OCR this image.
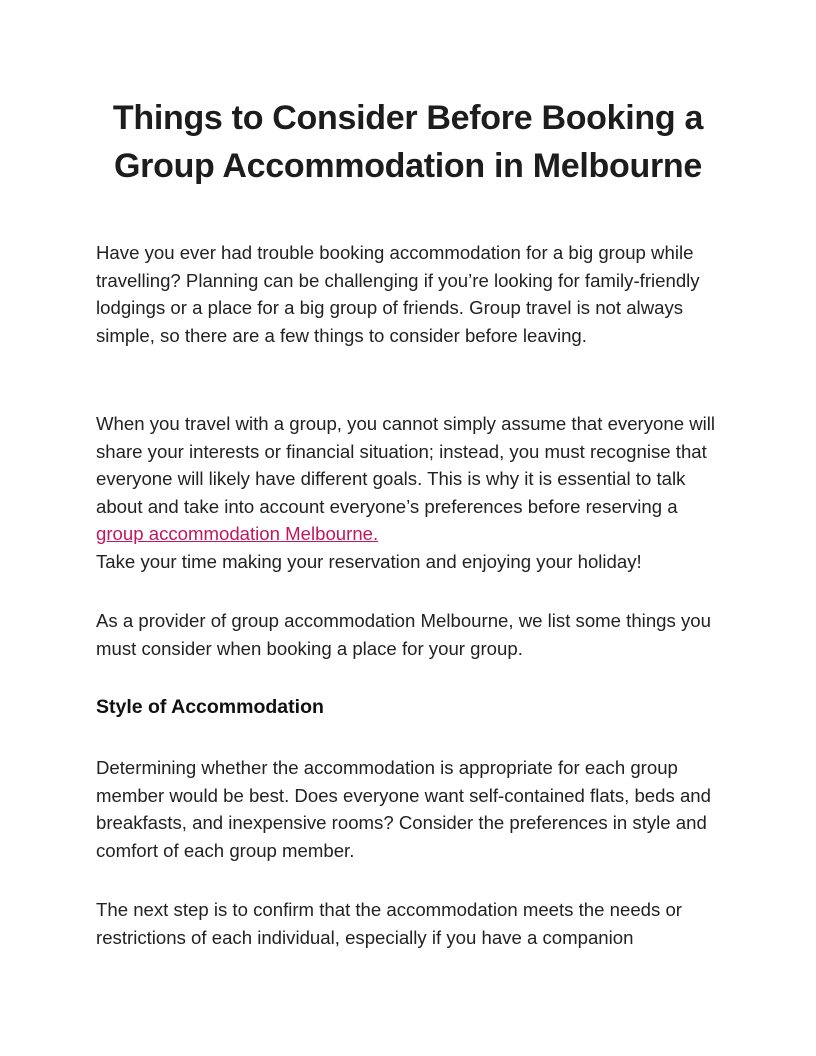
Things to Consider Before Booking a
Group Accommodation in Melbourne

Have you ever had trouble booking accommodation for a big group while travelling? Planning can be challenging if you’re looking for family-friendly lodgings or a place for a big group of friends. Group travel is not always simple, so there are a few things to consider before leaving.

When you travel with a group, you cannot simply assume that everyone will share your interests or financial situation; instead, you must recognise that everyone will likely have different goals. This is why it is essential to talk about and take into account everyone’s preferences before reserving a group accommodation Melbourne.
Take your time making your reservation and enjoying your holiday!

As a provider of group accommodation Melbourne, we list some things you must consider when booking a place for your group.

Style of Accommodation

Determining whether the accommodation is appropriate for each group member would be best. Does everyone want self-contained flats, beds and breakfasts, and inexpensive rooms? Consider the preferences in style and comfort of each group member.

The next step is to confirm that the accommodation meets the needs or restrictions of each individual, especially if you have a companion
